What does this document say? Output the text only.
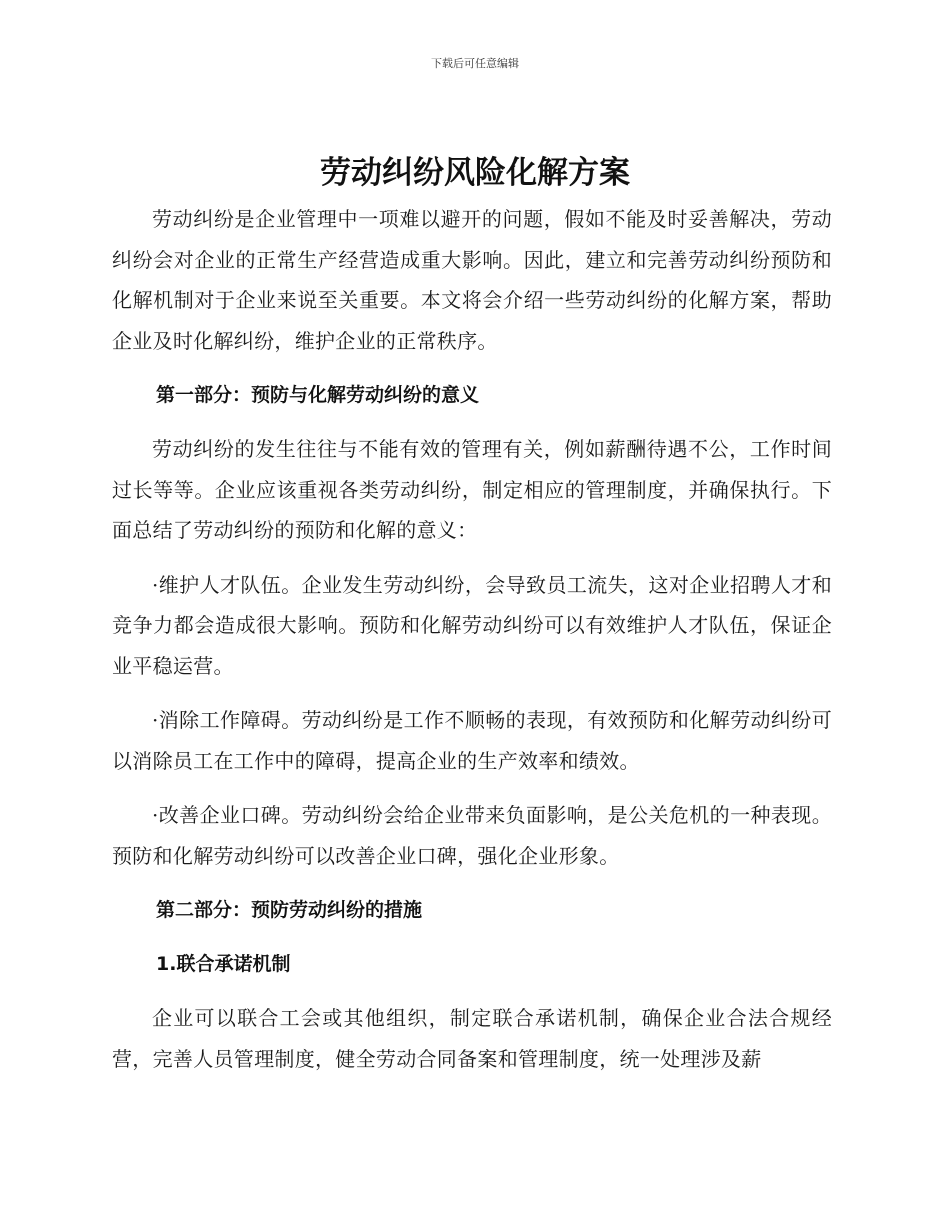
下载后可任意编辑
劳动纠纷风险化解方案

劳动纠纷是企业管理中一项难以避开的问题，假如不能及时妥善解决，劳动纠纷会对企业的正常生产经营造成重大影响。因此，建立和完善劳动纠纷预防和化解机制对于企业来说至关重要。本文将会介绍一些劳动纠纷的化解方案，帮助企业及时化解纠纷，维护企业的正常秩序。

第一部分：预防与化解劳动纠纷的意义

劳动纠纷的发生往往与不能有效的管理有关，例如薪酬待遇不公，工作时间过长等等。企业应该重视各类劳动纠纷，制定相应的管理制度，并确保执行。下面总结了劳动纠纷的预防和化解的意义：

·维护人才队伍。企业发生劳动纠纷，会导致员工流失，这对企业招聘人才和竞争力都会造成很大影响。预防和化解劳动纠纷可以有效维护人才队伍，保证企业平稳运营。

·消除工作障碍。劳动纠纷是工作不顺畅的表现，有效预防和化解劳动纠纷可以消除员工在工作中的障碍，提高企业的生产效率和绩效。

·改善企业口碑。劳动纠纷会给企业带来负面影响，是公关危机的一种表现。预防和化解劳动纠纷可以改善企业口碑，强化企业形象。

第二部分：预防劳动纠纷的措施
1.联合承诺机制

企业可以联合工会或其他组织，制定联合承诺机制，确保企业合法合规经营，完善人员管理制度，健全劳动合同备案和管理制度，统一处理涉及薪
